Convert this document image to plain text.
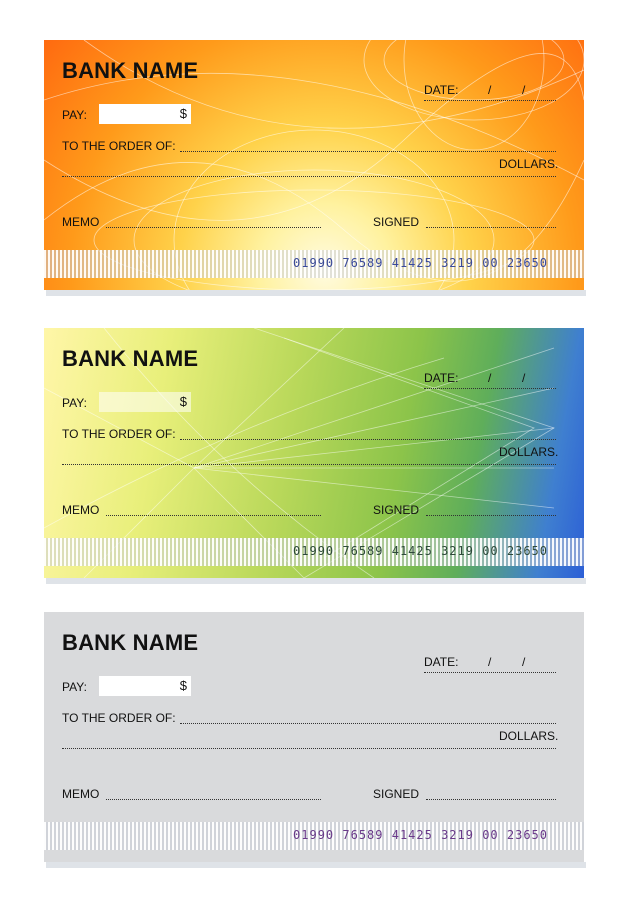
BANK NAME
PAY:	$
DATE: /	/
TO THE ORDER OF:
DOLLARS.
MEMO	SIGNED
01990 76589 41425 3219 00 23650
BANK NAME
PAY:	$
DATE: /	/
TO THE ORDER OF:
DOLLARS.
MEMO	SIGNED
01990 76589 41425 3219 00 23650
BANK NAME
PAY:	$
DATE: /	/
TO THE ORDER OF:
DOLLARS.
MEMO	SIGNED
01990 76589 41425 3219 00 23650
